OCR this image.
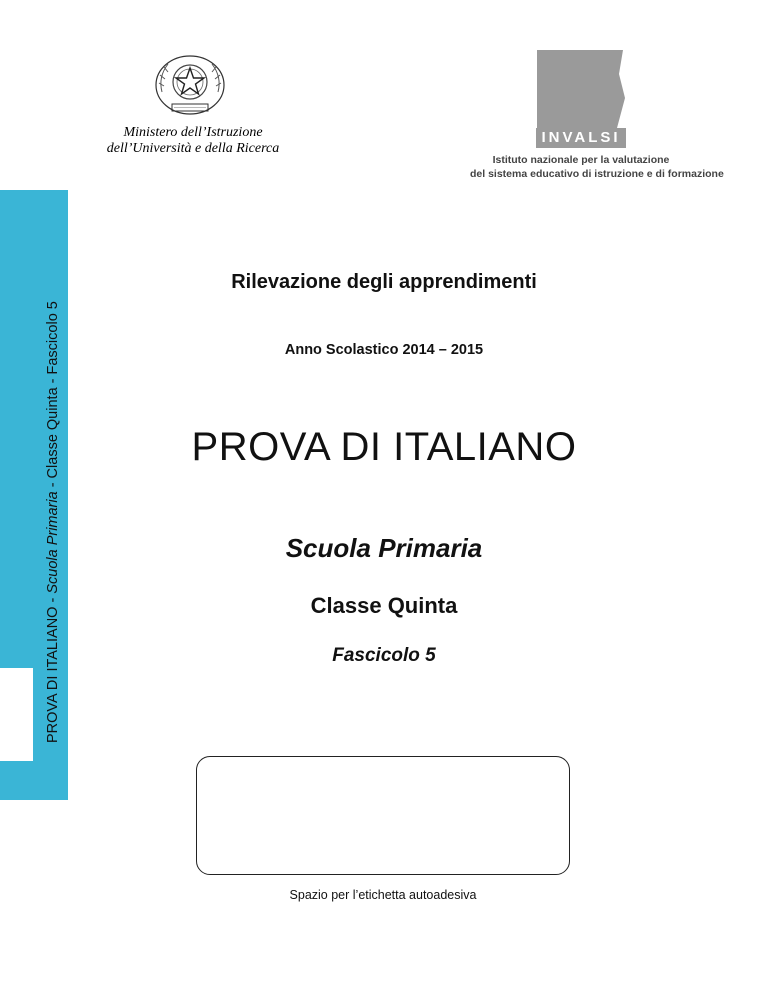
PROVA DI ITALIANO - Scuola Primaria - Classe Quinta - Fascicolo 5
Ministero dell’Istruzione
dell’Università e della Ricerca
INVALSI
Istituto nazionale per la valutazione
del sistema educativo di istruzione e di formazione
Rilevazione degli apprendimenti
Anno Scolastico 2014 – 2015
PROVA DI ITALIANO
Scuola Primaria
Classe Quinta
Fascicolo 5
Spazio per l’etichetta autoadesiva
